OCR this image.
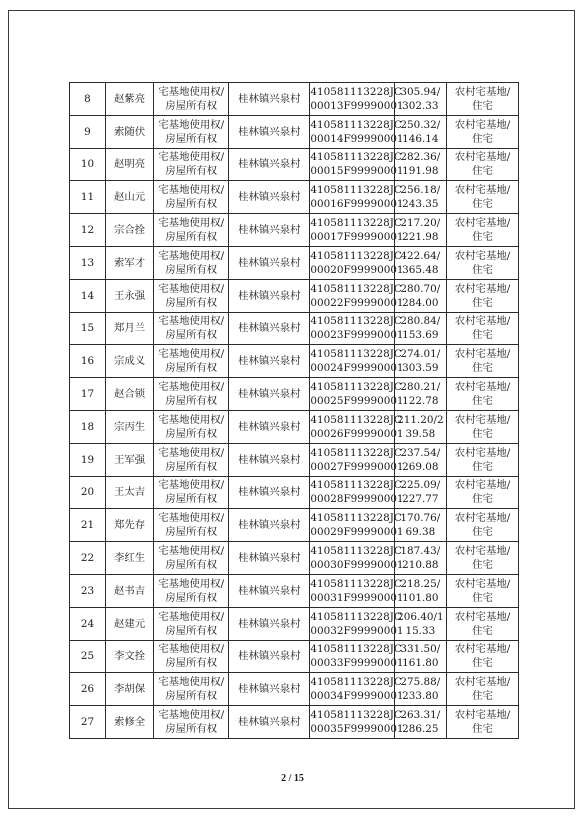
8	赵紫亮	宅基地使用权/
房屋所有权	桂林镇兴泉村	410581113228JC
00013F99990001	305.94/
302.33	农村宅基地/
住宅

9	索随伏	宅基地使用权/
房屋所有权	桂林镇兴泉村	410581113228JC
00014F99990001	250.32/
146.14	农村宅基地/
住宅

10	赵明亮	宅基地使用权/
房屋所有权	桂林镇兴泉村	410581113228JC
00015F99990001	282.36/
191.98	农村宅基地/
住宅

11	赵山元	宅基地使用权/
房屋所有权	桂林镇兴泉村	410581113228JC
00016F99990001	256.18/
243.35	农村宅基地/
住宅

12	宗合拴	宅基地使用权/
房屋所有权	桂林镇兴泉村	410581113228JC
00017F99990001	217.20/
221.98	农村宅基地/
住宅

13	索军才	宅基地使用权/
房屋所有权	桂林镇兴泉村	410581113228JC
00020F99990001	422.64/
365.48	农村宅基地/
住宅

14	王永强	宅基地使用权/
房屋所有权	桂林镇兴泉村	410581113228JC
00022F99990001	280.70/
284.00	农村宅基地/
住宅

15	郑月兰	宅基地使用权/
房屋所有权	桂林镇兴泉村	410581113228JC
00023F99990001	280.84/
153.69	农村宅基地/
住宅

16	宗成义	宅基地使用权/
房屋所有权	桂林镇兴泉村	410581113228JC
00024F99990001	274.01/
303.59	农村宅基地/
住宅

17	赵合锁	宅基地使用权/
房屋所有权	桂林镇兴泉村	410581113228JC
00025F99990001	280.21/
122.78	农村宅基地/
住宅

18	宗丙生	宅基地使用权/
房屋所有权	桂林镇兴泉村	410581113228JC
00026F99990001	211.20/2
39.58	农村宅基地/
住宅

19	王军强	宅基地使用权/
房屋所有权	桂林镇兴泉村	410581113228JC
00027F99990001	237.54/
269.08	农村宅基地/
住宅

20	王太吉	宅基地使用权/
房屋所有权	桂林镇兴泉村	410581113228JC
00028F99990001	225.09/
227.77	农村宅基地/
住宅

21	郑先存	宅基地使用权/
房屋所有权	桂林镇兴泉村	410581113228JC
00029F99990001	170.76/
69.38	农村宅基地/
住宅

22	李红生	宅基地使用权/
房屋所有权	桂林镇兴泉村	410581113228JC
00030F99990001	187.43/
210.88	农村宅基地/
住宅

23	赵书吉	宅基地使用权/
房屋所有权	桂林镇兴泉村	410581113228JC
00031F99990001	218.25/
101.80	农村宅基地/
住宅

24	赵建元	宅基地使用权/
房屋所有权	桂林镇兴泉村	410581113228JC
00032F99990001	206.40/1
15.33	农村宅基地/
住宅

25	李文拴	宅基地使用权/
房屋所有权	桂林镇兴泉村	410581113228JC
00033F99990001	331.50/
161.80	农村宅基地/
住宅

26	李胡保	宅基地使用权/
房屋所有权	桂林镇兴泉村	410581113228JC
00034F99990001	275.88/
233.80	农村宅基地/
住宅

27	索修全	宅基地使用权/
房屋所有权	桂林镇兴泉村	410581113228JC
00035F99990001	263.31/
286.25	农村宅基地/
住宅
2 / 15
